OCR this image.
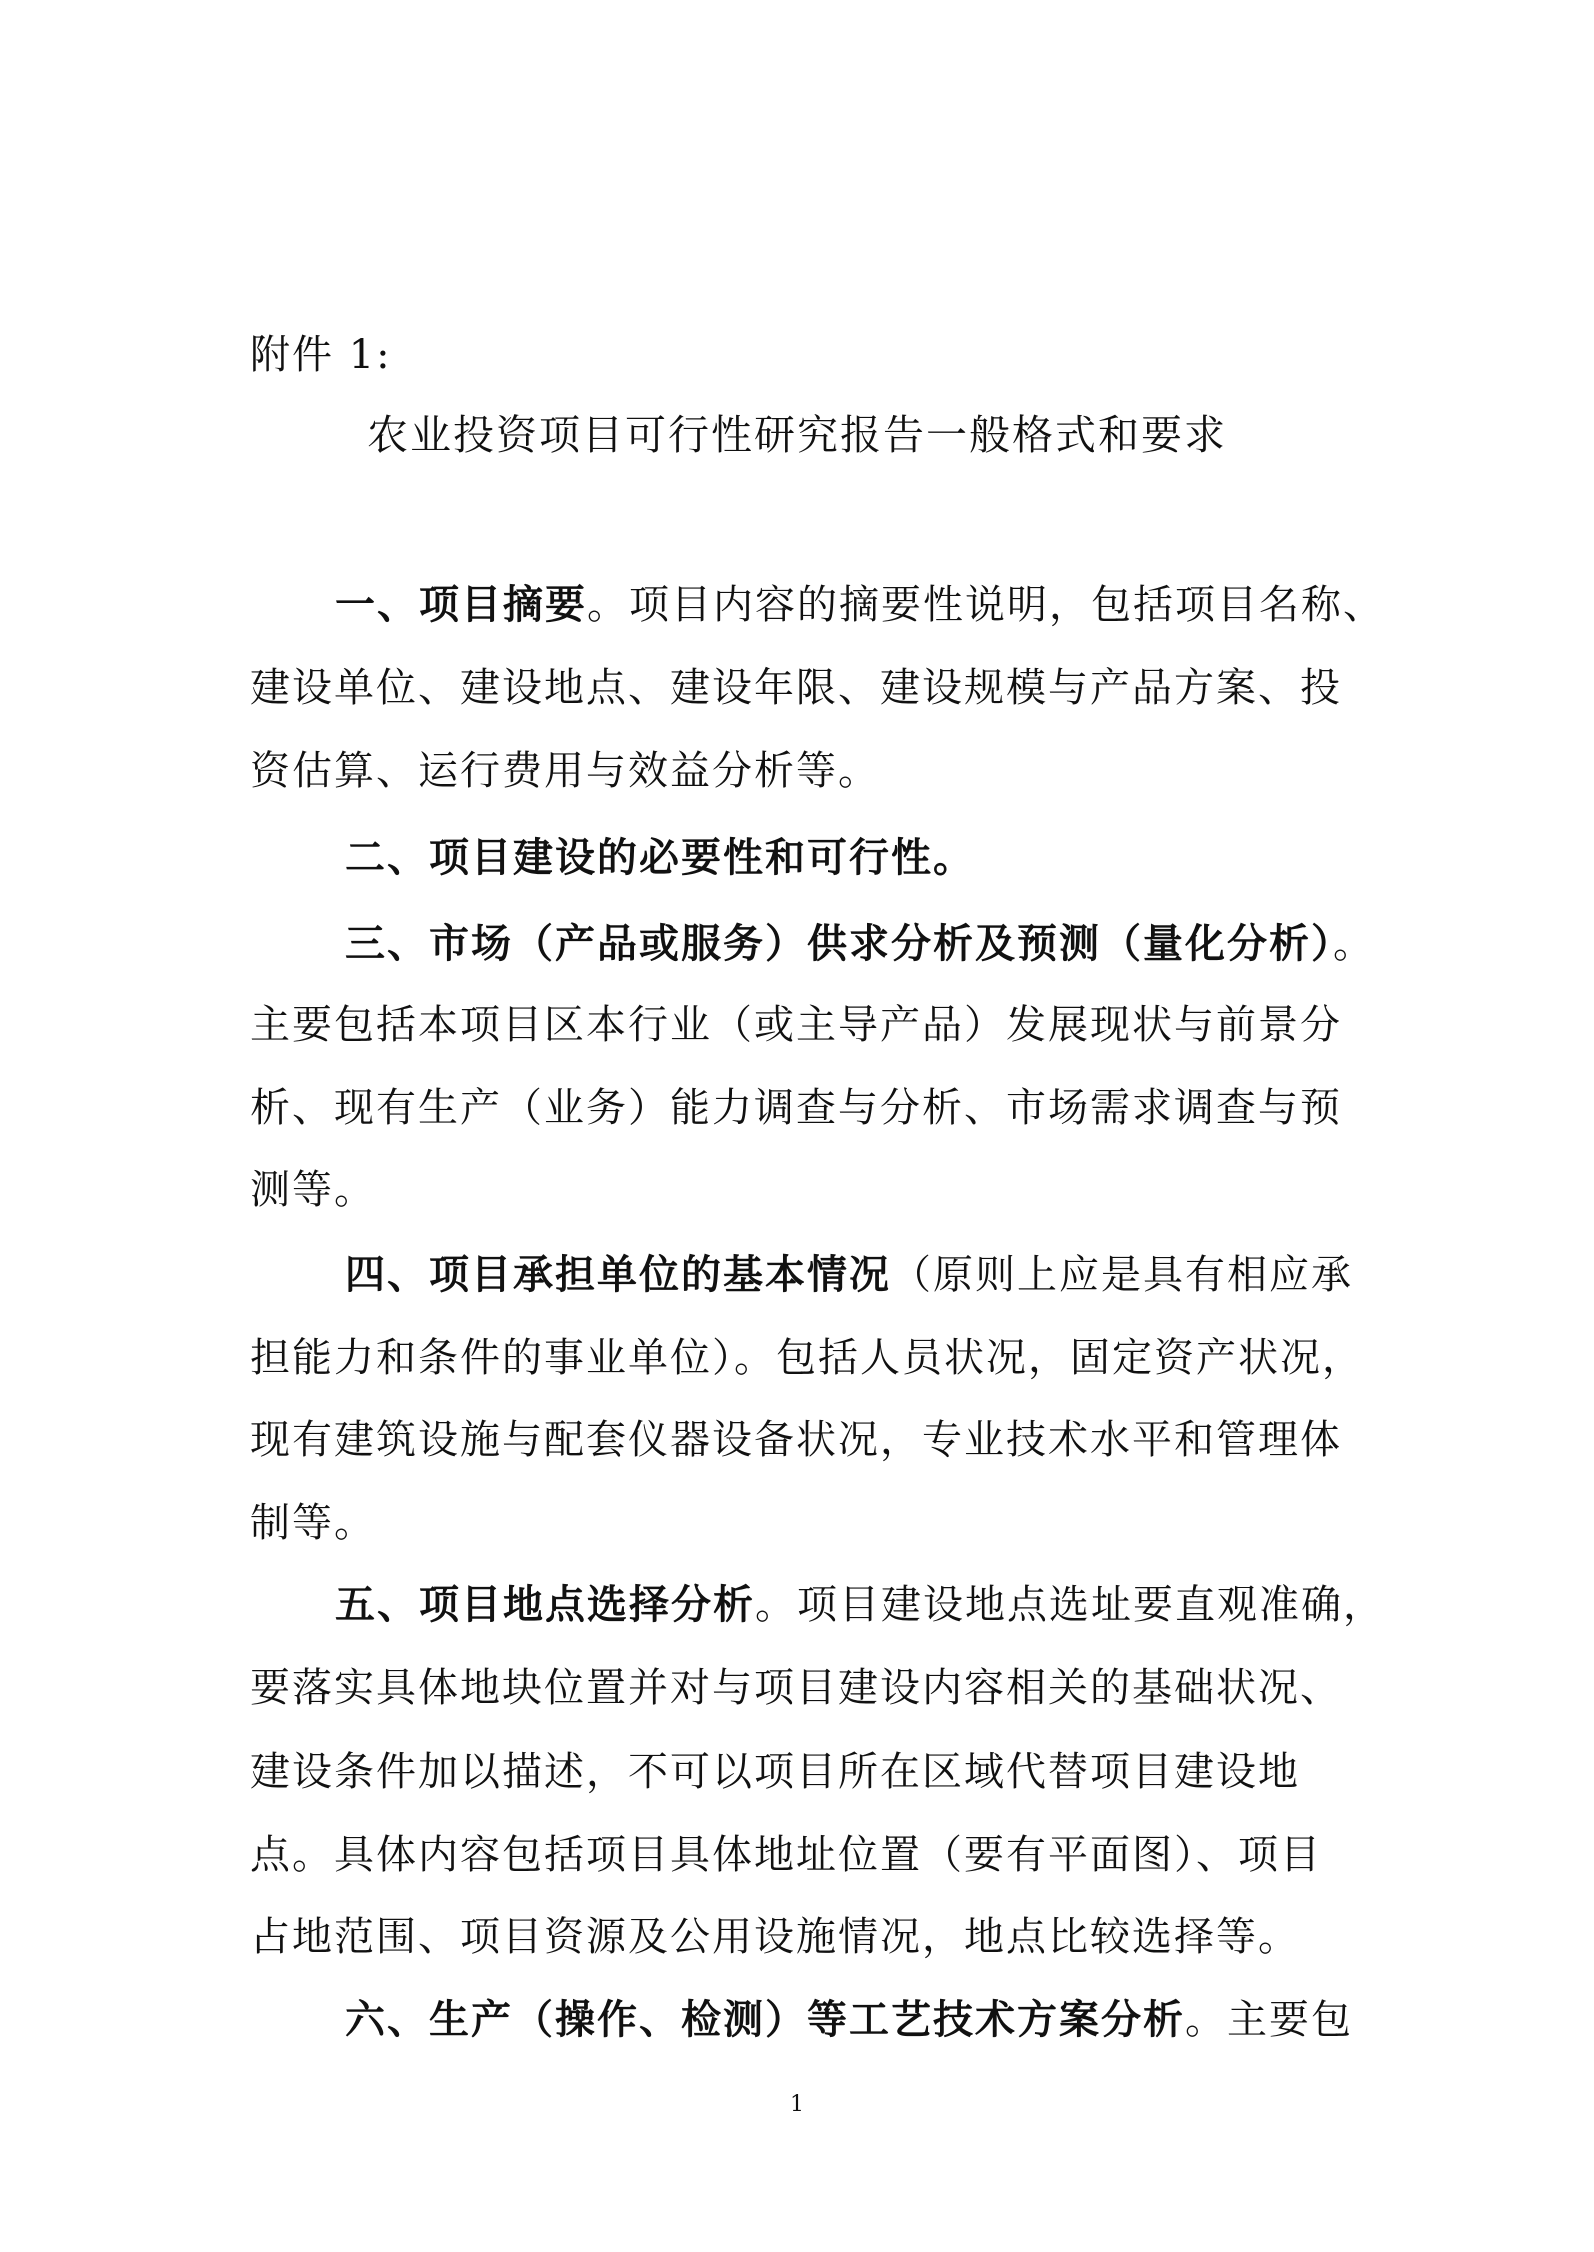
附件 1:
农业投资项目可行性研究报告一般格式和要求
一、项目摘要。项目内容的摘要性说明，包括项目名称、
建设单位、建设地点、建设年限、建设规模与产品方案、投
资估算、运行费用与效益分析等。
二、项目建设的必要性和可行性。
三、市场（产品或服务）供求分析及预测（量化分析）。
主要包括本项目区本行业（或主导产品）发展现状与前景分
析、现有生产（业务）能力调查与分析、市场需求调查与预
测等。
四、项目承担单位的基本情况（原则上应是具有相应承
担能力和条件的事业单位）。包括人员状况，固定资产状况，
现有建筑设施与配套仪器设备状况，专业技术水平和管理体
制等。
五、项目地点选择分析。项目建设地点选址要直观准确，
要落实具体地块位置并对与项目建设内容相关的基础状况、
建设条件加以描述，不可以项目所在区域代替项目建设地
点。具体内容包括项目具体地址位置（要有平面图）、项目
占地范围、项目资源及公用设施情况，地点比较选择等。
六、生产（操作、检测）等工艺技术方案分析。主要包
1
